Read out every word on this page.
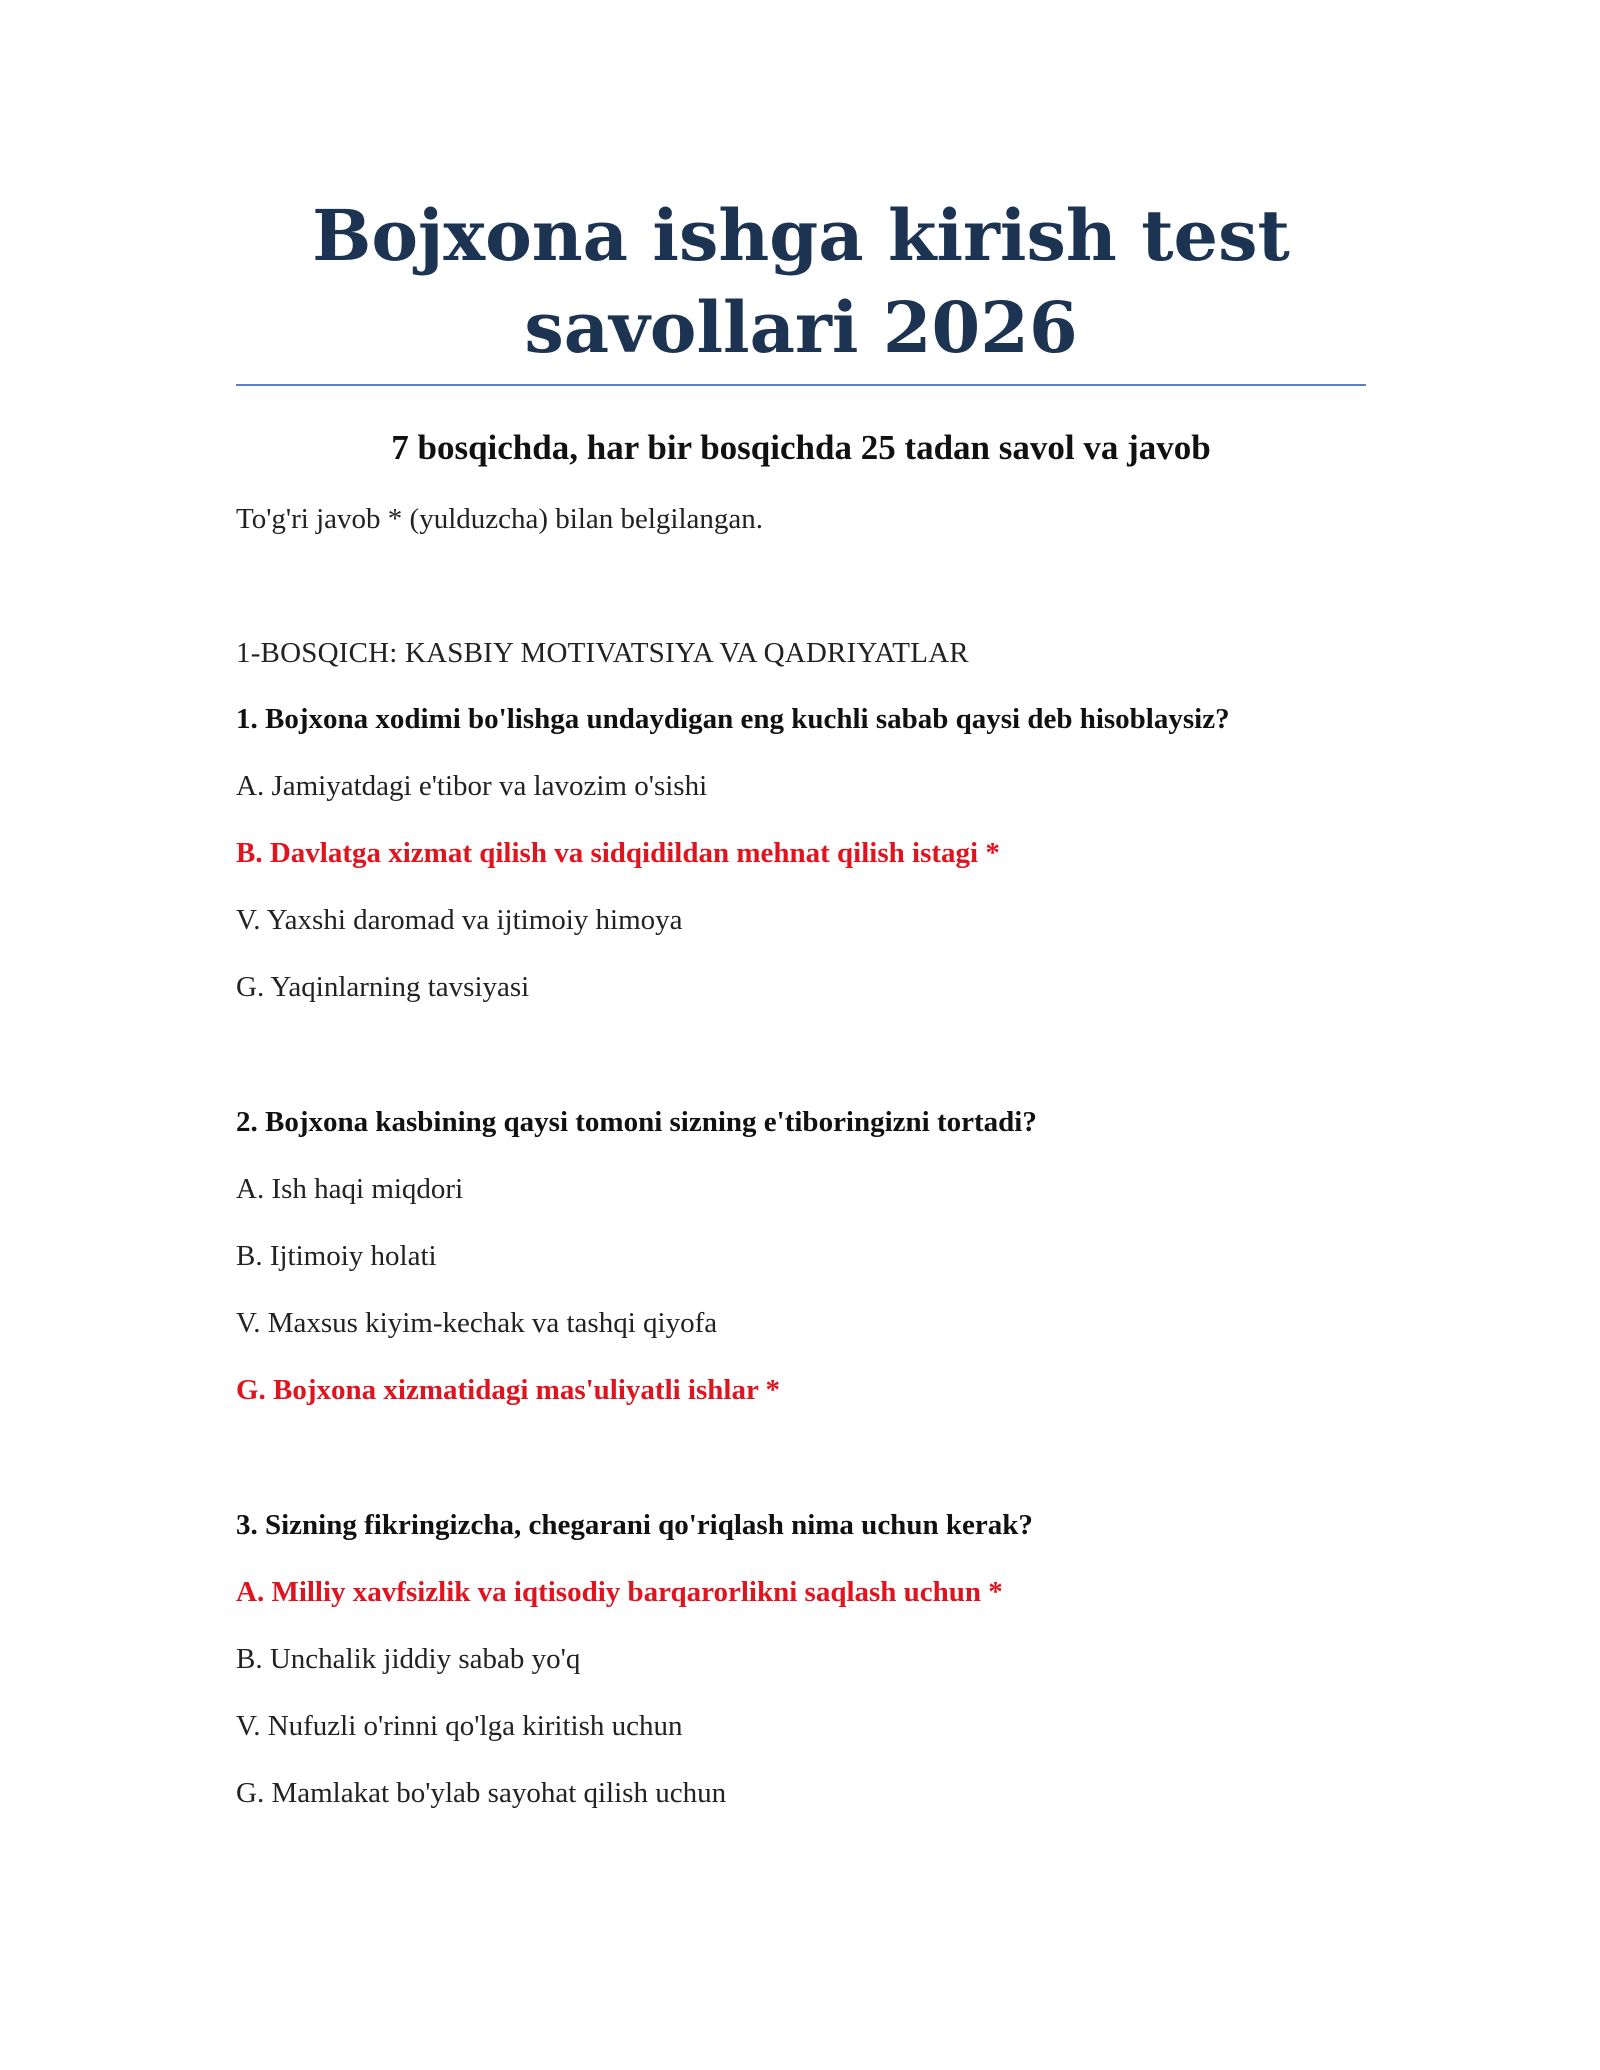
Bojxona ishga kirish test
savollari 2026
7 bosqichda, har bir bosqichda 25 tadan savol va javob

To'g'ri javob * (yulduzcha) bilan belgilangan.

1-BOSQICH: KASBIY MOTIVATSIYA VA QADRIYATLAR

1. Bojxona xodimi bo'lishga undaydigan eng kuchli sabab qaysi deb hisoblaysiz?

A. Jamiyatdagi e'tibor va lavozim o'sishi

B. Davlatga xizmat qilish va sidqidildan mehnat qilish istagi *

V. Yaxshi daromad va ijtimoiy himoya

G. Yaqinlarning tavsiyasi

2. Bojxona kasbining qaysi tomoni sizning e'tiboringizni tortadi?

A. Ish haqi miqdori

B. Ijtimoiy holati

V. Maxsus kiyim-kechak va tashqi qiyofa

G. Bojxona xizmatidagi mas'uliyatli ishlar *

3. Sizning fikringizcha, chegarani qo'riqlash nima uchun kerak?

A. Milliy xavfsizlik va iqtisodiy barqarorlikni saqlash uchun *

B. Unchalik jiddiy sabab yo'q

V. Nufuzli o'rinni qo'lga kiritish uchun

G. Mamlakat bo'ylab sayohat qilish uchun
